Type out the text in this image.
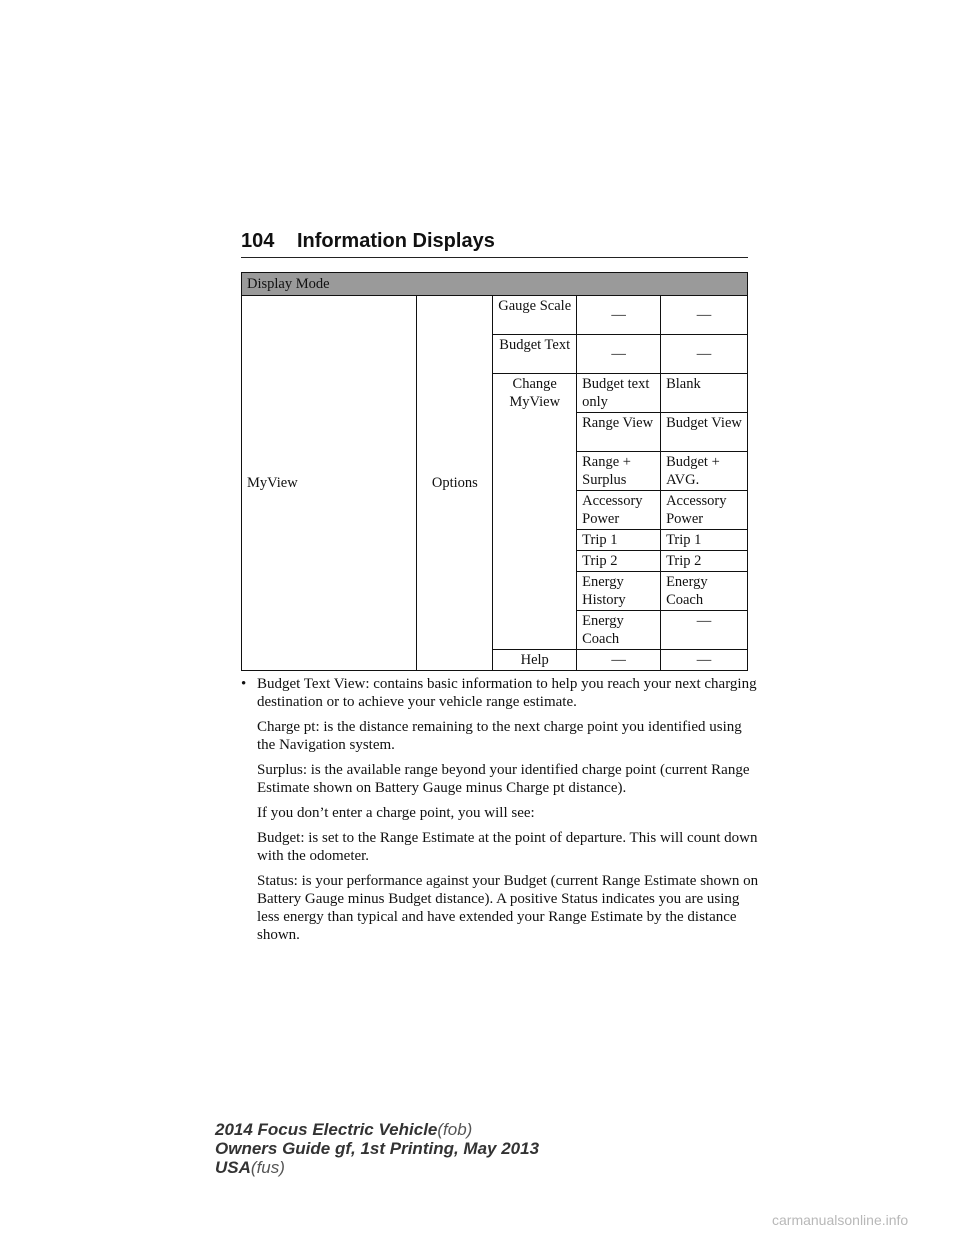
104 Information Displays
Display Mode				
MyView	Options	Gauge Scale	—	—
		Budget Text	—	—
		Change MyView	Budget text only	Blank
			Range View	Budget View
			Range + Surplus	Budget + AVG.
			Accessory Power	Accessory Power
			Trip 1	Trip 1
			Trip 2	Trip 2
			Energy History	Energy Coach
			Energy Coach	—
		Help	—	—
• Budget Text View: contains basic information to help you reach your next charging destination or to achieve your vehicle range estimate.

Charge pt: is the distance remaining to the next charge point you identified using the Navigation system.

Surplus: is the available range beyond your identified charge point (current Range Estimate shown on Battery Gauge minus Charge pt distance).

If you don’t enter a charge point, you will see:

Budget: is set to the Range Estimate at the point of departure. This will count down with the odometer.

Status: is your performance against your Budget (current Range Estimate shown on Battery Gauge minus Budget distance). A positive Status indicates you are using less energy than typical and have extended your Range Estimate by the distance shown.

2014 Focus Electric Vehicle(fob)
Owners Guide gf, 1st Printing, May 2013
USA(fus)
carmanualsonline.info
